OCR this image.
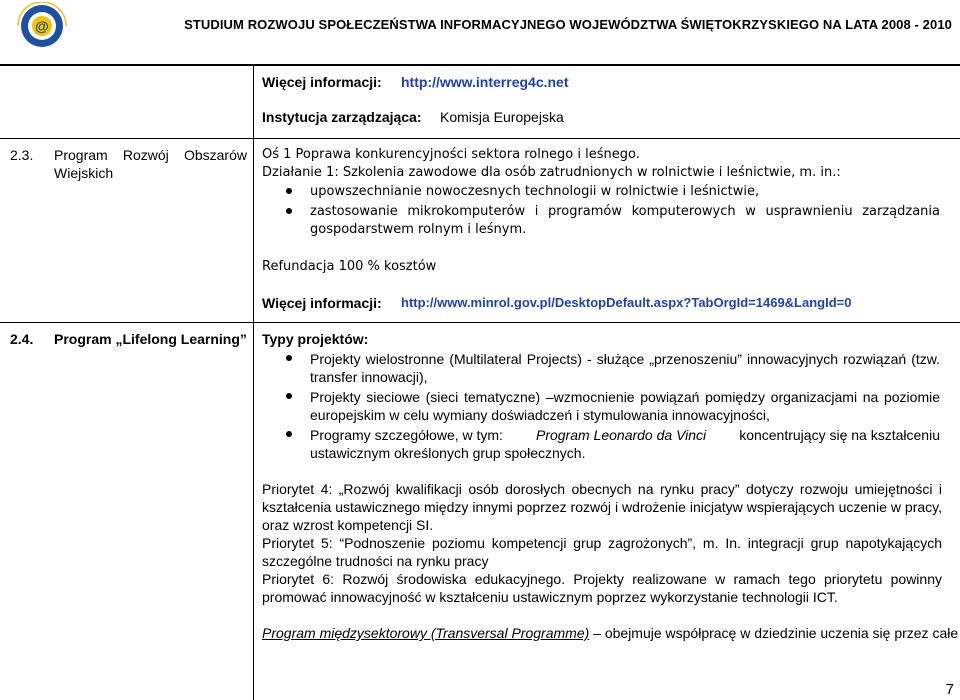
@	STUDIUM ROZWOJU SPOŁECZEŃSTWA INFORMACYJNEGO WOJEWÓDZTWA ŚWIĘTOKRZYSKIEGO NA LATA 2008 - 2010
Więcej informacji: http://www.interreg4c.net
Instytucja zarządzająca: Komisja Europejska
2.3. Program Rozwój Obszarów
Wiejskich
Oś 1 Poprawa konkurencyjności sektora rolnego i leśnego.
Działanie 1: Szkolenia zawodowe dla osób zatrudnionych w rolnictwie i leśnictwie, m. in.:
upowszechnianie nowoczesnych technologii w rolnictwie i leśnictwie,
zastosowanie mikrokomputerów i programów komputerowych w usprawnieniu zarządzania
gospodarstwem rolnym i leśnym.
Refundacja 100 % kosztów
Więcej informacji: http://www.minrol.gov.pl/DesktopDefault.aspx?TabOrgId=1469&LangId=0
2.4. Program „Lifelong Learning” Typy projektów:
Projekty wielostronne (Multilateral Projects) - służące „przenoszeniu” innowacyjnych rozwiązań (tzw.
transfer innowacji),
Projekty sieciowe (sieci tematyczne) –wzmocnienie powiązań pomiędzy organizacjami na poziomie
europejskim w celu wymiany doświadczeń i stymulowania innowacyjności,
Programy szczegółowe, w tym: Program Leonardo da Vinci koncentrujący się na kształceniu
ustawicznym określonych grup społecznych.
Priorytet 4: „Rozwój kwalifikacji osób dorosłych obecnych na rynku pracy” dotyczy rozwoju umiejętności i
kształcenia ustawicznego między innymi poprzez rozwój i wdrożenie inicjatyw wspierających uczenie w pracy,
oraz wzrost kompetencji SI.
Priorytet 5: “Podnoszenie poziomu kompetencji grup zagrożonych”, m. In. integracji grup napotykających
szczególne trudności na rynku pracy
Priorytet 6: Rozwój środowiska edukacyjnego. Projekty realizowane w ramach tego priorytetu powinny
promować innowacyjność w kształceniu ustawicznym poprzez wykorzystanie technologii ICT.
Program międzysektorowy (Transversal Programme) – obejmuje współpracę w dziedzinie uczenia się przez całe
7
